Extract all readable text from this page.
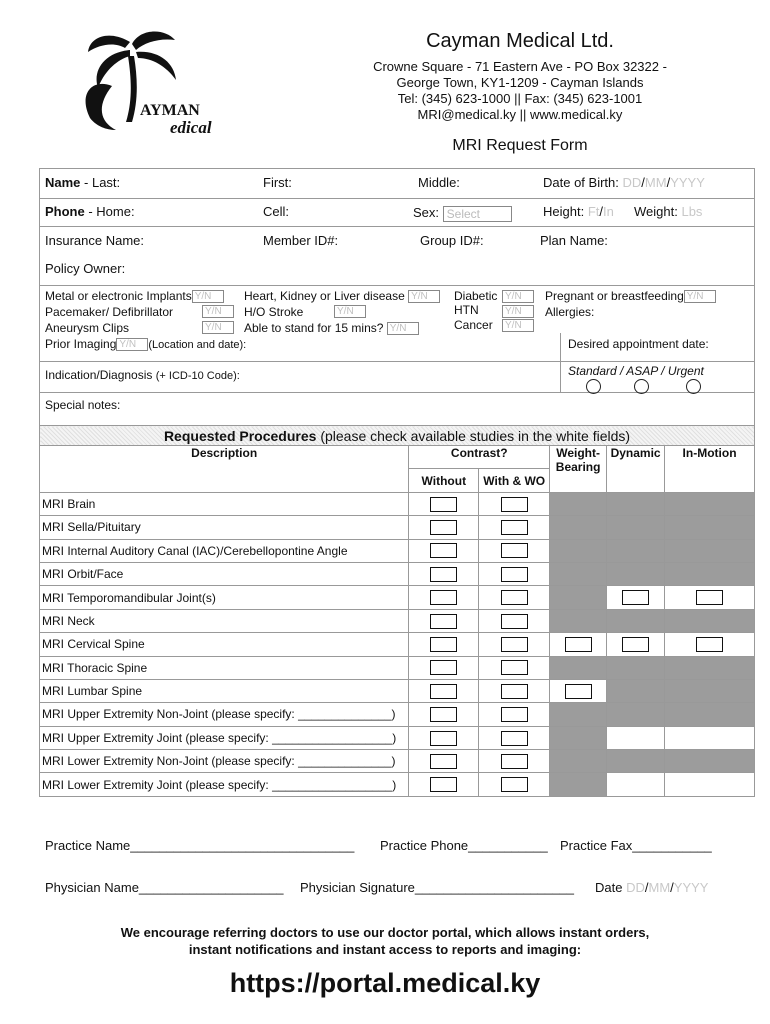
AYMAN
edical
Cayman Medical Ltd.
Crowne Square - 71 Eastern Ave - PO Box 32322 -
George Town, KY1-1209 - Cayman Islands
Tel: (345) 623-1000 || Fax: (345) 623-1001
MRI@medical.ky || www.medical.ky
MRI Request Form
Name - Last:	First:	Middle:	Date of Birth: DD/MM/YYYY
Phone - Home:	Cell:	Sex: Select	Height: Ft/In Weight: Lbs
Insurance Name:	Member ID#:	Group ID#:	Plan Name:
Policy Owner:
Metal or electronic Implants Y/N
Pacemaker/ Defibrillator	Y/N
Aneurysm Clips	Y/N
Heart, Kidney or Liver disease Y/N
H/O Stroke	Y/N
Able to stand for 15 mins? Y/N
Diabetic Y/N
HTN	Y/N
Cancer	Y/N
Pregnant or breastfeeding Y/N
Allergies:
Prior Imaging Y/N (Location and date):	Desired appointment date:
Indication/Diagnosis (+ ICD-10 Code):	Standard / ASAP / Urgent
Special notes:
Requested Procedures (please check available studies in the white fields)					
Description	Contrast?		Weight-Bearing	Dynamic	In-Motion
	Without	With & WO			
MRI Brain					
MRI Sella/Pituitary					
MRI Internal Auditory Canal (IAC)/Cerebellopontine Angle					
MRI Orbit/Face					
MRI Temporomandibular Joint(s)					
MRI Neck					
MRI Cervical Spine					
MRI Thoracic Spine					
MRI Lumbar Spine					
MRI Upper Extremity Non-Joint (please specify: ______________)					
MRI Upper Extremity Joint (please specify: __________________)					
MRI Lower Extremity Non-Joint (please specify: ______________)					
MRI Lower Extremity Joint (please specify: __________________)					
Practice Name_______________________________ Practice Phone___________ Practice Fax___________
Physician Name____________________ Physician Signature______________________ Date DD/MM/YYYY
We encourage referring doctors to use our doctor portal, which allows instant orders,
instant notifications and instant access to reports and imaging:
https://portal.medical.ky
